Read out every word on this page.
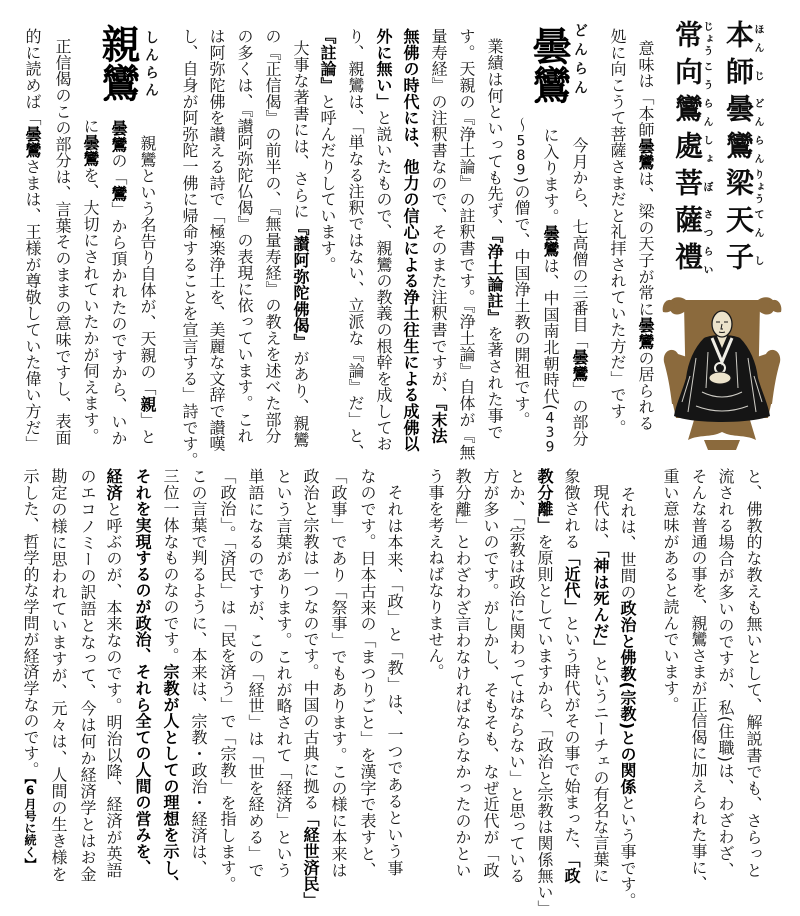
本ほん師じ曇どん鸞らん梁りょう天てん子し
常じょう向こう鸞らん處しょ菩ぼ薩さつ禮らい
意味は「本師曇鸞は、梁の天子が常に曇鸞の居られる
処に向こうて菩薩さまだと礼拝されていた方だ」です。
どんらん
曇鸞
今月から、七高僧の三番目「曇鸞」の部分
に入ります。曇鸞は、中国南北朝時代(439
～589)の僧で、中国浄土教の開祖です。
業績は何といっても先ず、『浄土論註』を著された事で
す。天親の『浄土論』の註釈書です。『浄土論』自体が『無
量寿経』の注釈書なので、そのまた注釈書ですが、『末法
無佛の時代には、他力の信心による浄土往生による成佛以
外に無い」と説いたもので、親鸞の教義の根幹を成してお
り、親鸞は、「単なる注釈ではない、立派な『論』だ」と、
『註論』と呼んだりしています。
大事な著書には、さらに『讃阿弥陀佛偈』があり、親鸞
の『正信偈』の前半の、『無量寿経』の教えを述べた部分
の多くは、『讃阿弥陀仏偈』の表現に依っています。これ
は阿弥陀佛を讃える詩で「極楽浄土を、美麗な文辞で讃嘆
し、自身が阿弥陀一佛に帰命することを宣言する」詩です。
しんらん
親鸞
親鸞という名告り自体が、天親の「親」と
曇鸞の「鸞」から頂かれたのですから、いか
に曇鸞を、大切にされていたかが伺えます。
正信偈のこの部分は、言葉そのままの意味ですし、表面
的に読めば「曇鸞さまは、王様が尊敬していた偉い方だ」
と、佛教的な教えも無いとして、解説書でも、さらっと
流される場合が多いのですが、私(住職)は、わざわざ、
そんな普通の事を、親鸞さまが正信偈に加えられた事に、
重い意味があると読んでいます。
それは、世間の政治と佛教(宗教)との関係という事です。
現代は、「神は死んだ」というニーチェの有名な言葉に
象徴される「近代」という時代がその事で始まった、「政
教分離」を原則としていますから、「政治と宗教は関係無い」
とか、「宗教は政治に関わってはならない」と思っている
方が多いのです。がしかし、そもそも、なぜ近代が「政
教分離」とわざわざ言わなければならなかったのかとい
う事を考えねばなりません。
それは本来、「政」と「教」は、一つであるという事
なのです。日本古来の「まつりごと」を漢字で表すと、
「政事」であり「祭事」でもあります。この様に本来は
政治と宗教は一つなのです。中国の古典に拠る「経世済民」
という言葉があります。これが略されて「経済」という
単語になるのですが、この「経世」は「世を経める」で
「政治」。「済民」は「民を済う」で「宗教」を指します。
この言葉で判るように、本来は、宗教・政治・経済は、
三位一体なものなのです。宗教が人としての理想を示し、
それを実現するのが政治、それら全ての人間の営みを、
経済と呼ぶのが、本来なのです。明治以降、経済が英語
のエコノミーの訳語となって、今は何か経済学とはお金
勘定の様に思われていますが、元々は、人間の生き様を
示した、哲学的な学問が経済学なのです。【6月号に続く】
